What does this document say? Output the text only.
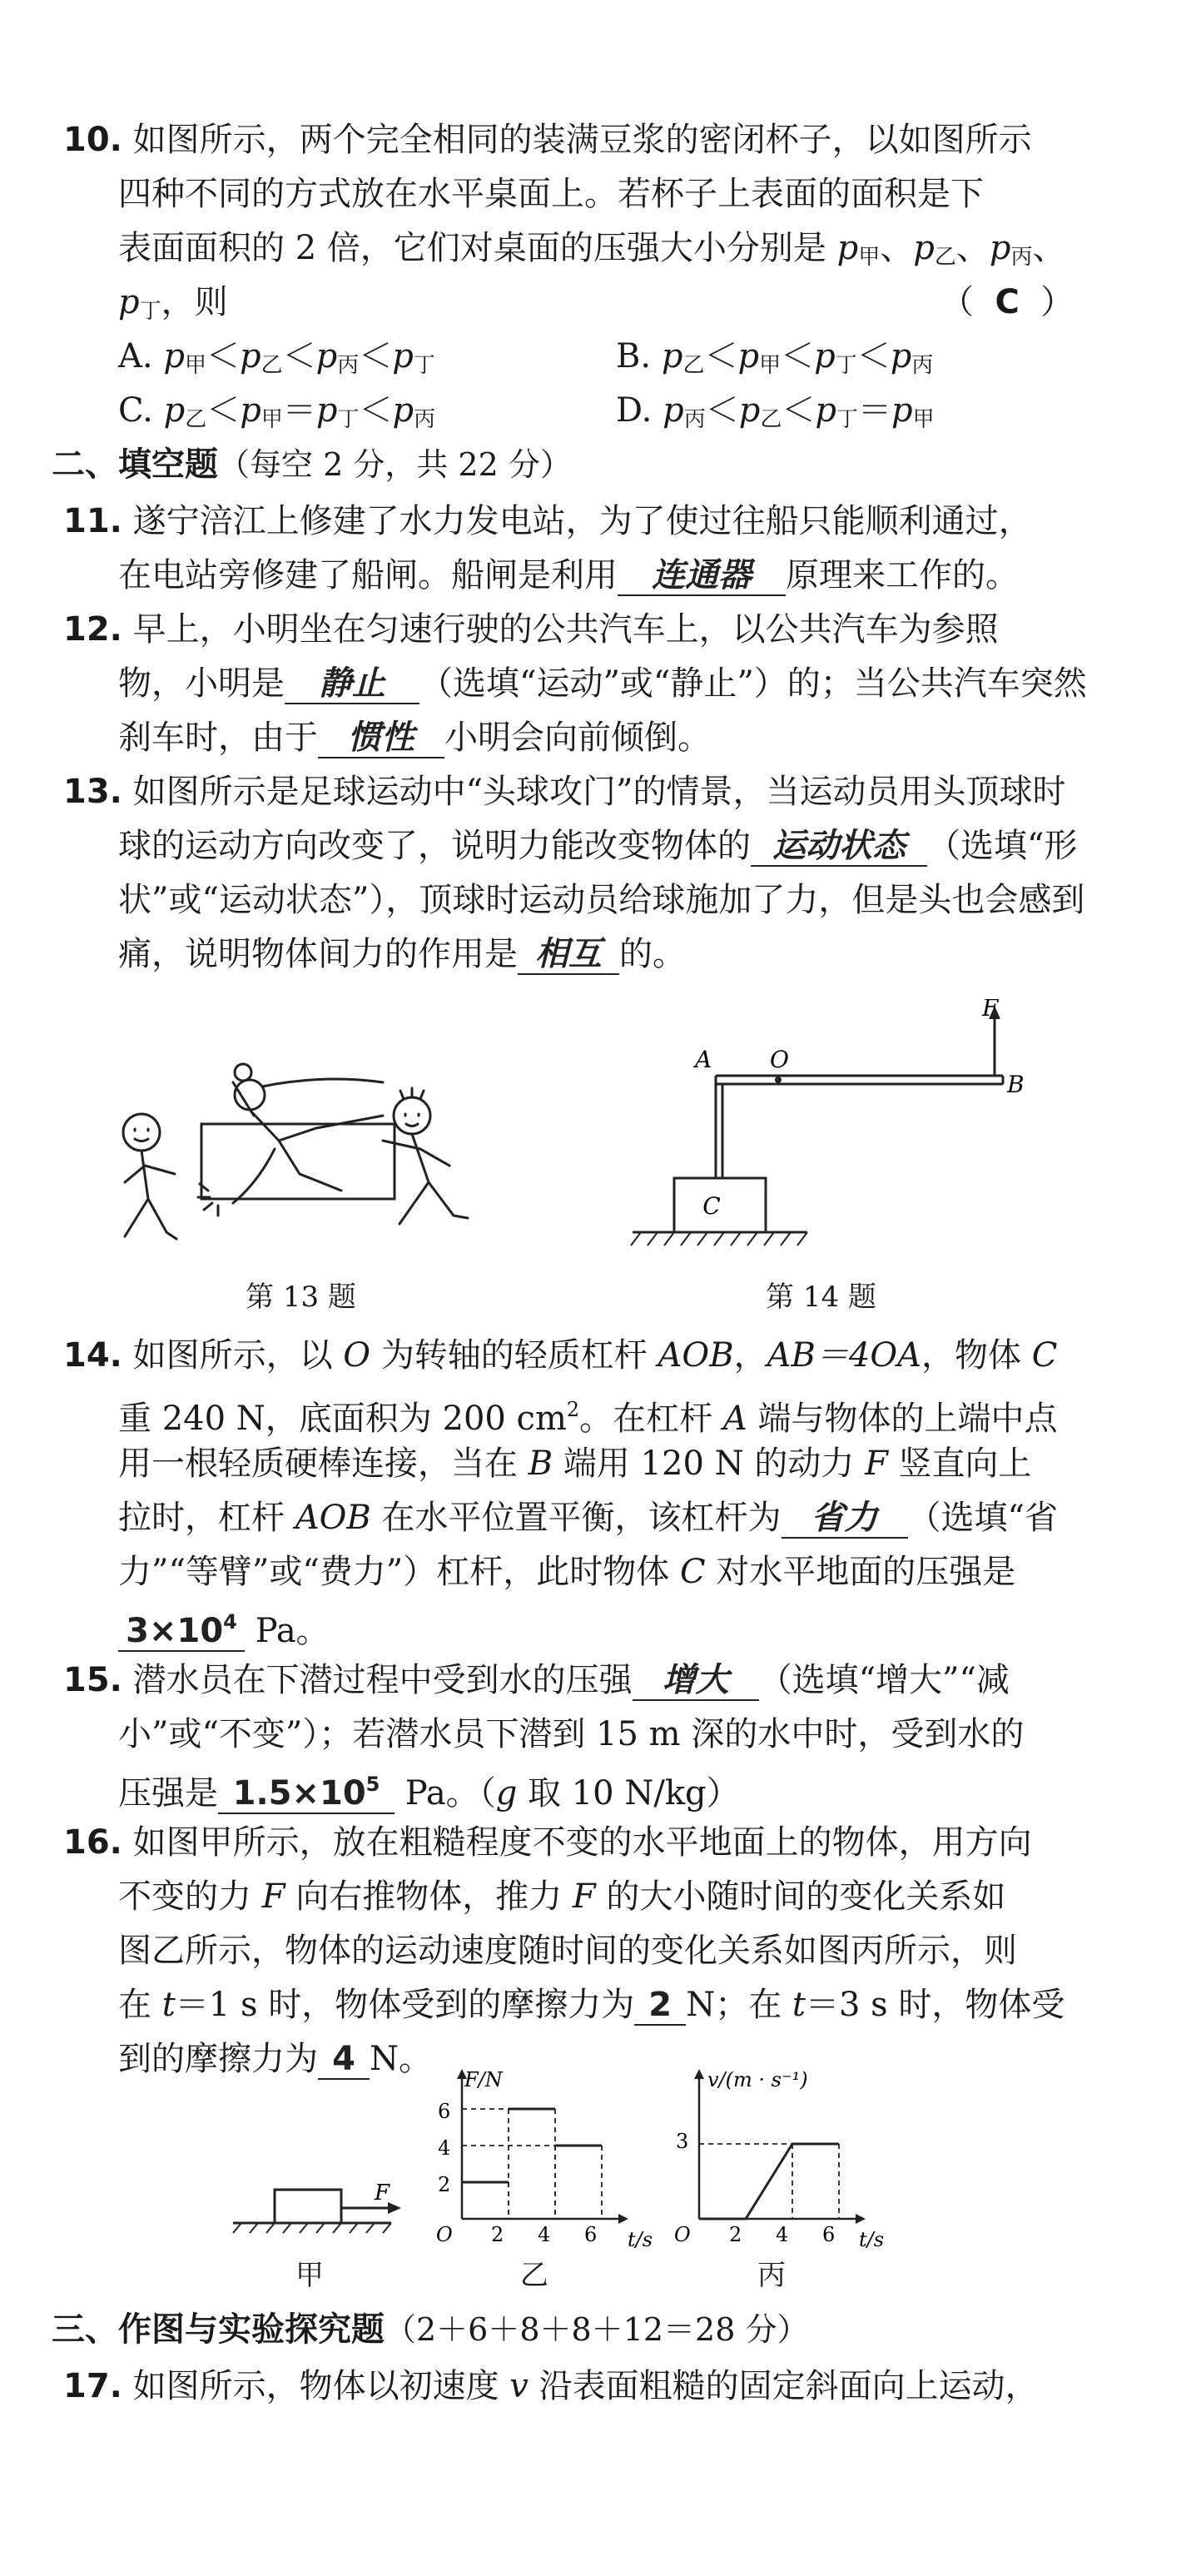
10. 如图所示，两个完全相同的装满豆浆的密闭杯子，以如图所示
四种不同的方式放在水平桌面上。若杯子上表面的面积是下
表面面积的 2 倍，它们对桌面的压强大小分别是 $p_甲$、$p_乙$、$p_丙$、
$p_丁$，则	（ C ）
A. $p_甲<p_乙<p_丙<p_丁$	B. $p_乙<p_甲<p_丁<p_丙$
C. $p_乙<p_甲=p_丁<p_丙$	D. $p_丙<p_乙<p_丁=p_甲$
二、填空题（每空 2 分，共 22 分）
11. 遂宁涪江上修建了水力发电站，为了使过往船只能顺利通过，
在电站旁修建了船闸。船闸是利用 连通器 原理来工作的。
12. 早上，小明坐在匀速行驶的公共汽车上，以公共汽车为参照
物，小明是 静止 （选填“运动”或“静止”）的；当公共汽车突然
刹车时，由于 惯性 小明会向前倾倒。
13. 如图所示是足球运动中“头球攻门”的情景，当运动员用头顶球时
球的运动方向改变了，说明力能改变物体的 运动状态 （选填“形
状”或“运动状态”），顶球时运动员给球施加了力，但是头也会感到
痛，说明物体间力的作用是 相互 的。
第 13 题
F
A O
B
C
第 14 题
14. 如图所示，以 O 为转轴的轻质杠杆 AOB，AB＝4OA，物体 C
重 240 N，底面积为 200 $cm^2$。在杠杆 A 端与物体的上端中点
用一根轻质硬棒连接，当在 B 端用 120 N 的动力 F 竖直向上
拉时，杠杆 AOB 在水平位置平衡，该杠杆为 省力 （选填“省
力”“等臂”或“费力”）杠杆，此时物体 C 对水平地面的压强是
$3\times 10^4$ Pa。
15. 潜水员在下潜过程中受到水的压强 增大 （选填“增大”“减
小”或“不变”）；若潜水员下潜到 15 m 深的水中时，受到水的
压强是 $1.5\times 10^5$ Pa。（g 取 10 N/kg）
16. 如图甲所示，放在粗糙程度不变的水平地面上的物体，用方向
不变的力 F 向右推物体，推力 F 的大小随时间的变化关系如
图乙所示，物体的运动速度随时间的变化关系如图丙所示，则
在 t＝1 s 时，物体受到的摩擦力为 2 N；在 t＝3 s 时，物体受
到的摩擦力为 4 N。
F
甲
F/N
t/s
O
2
4
6
2 4 6
乙
v/(m · s⁻¹)
t/s
O
3
2 4 6
丙
三、作图与实验探究题（2＋6＋8＋8＋12＝28 分）
17. 如图所示，物体以初速度 v 沿表面粗糙的固定斜面向上运动，
